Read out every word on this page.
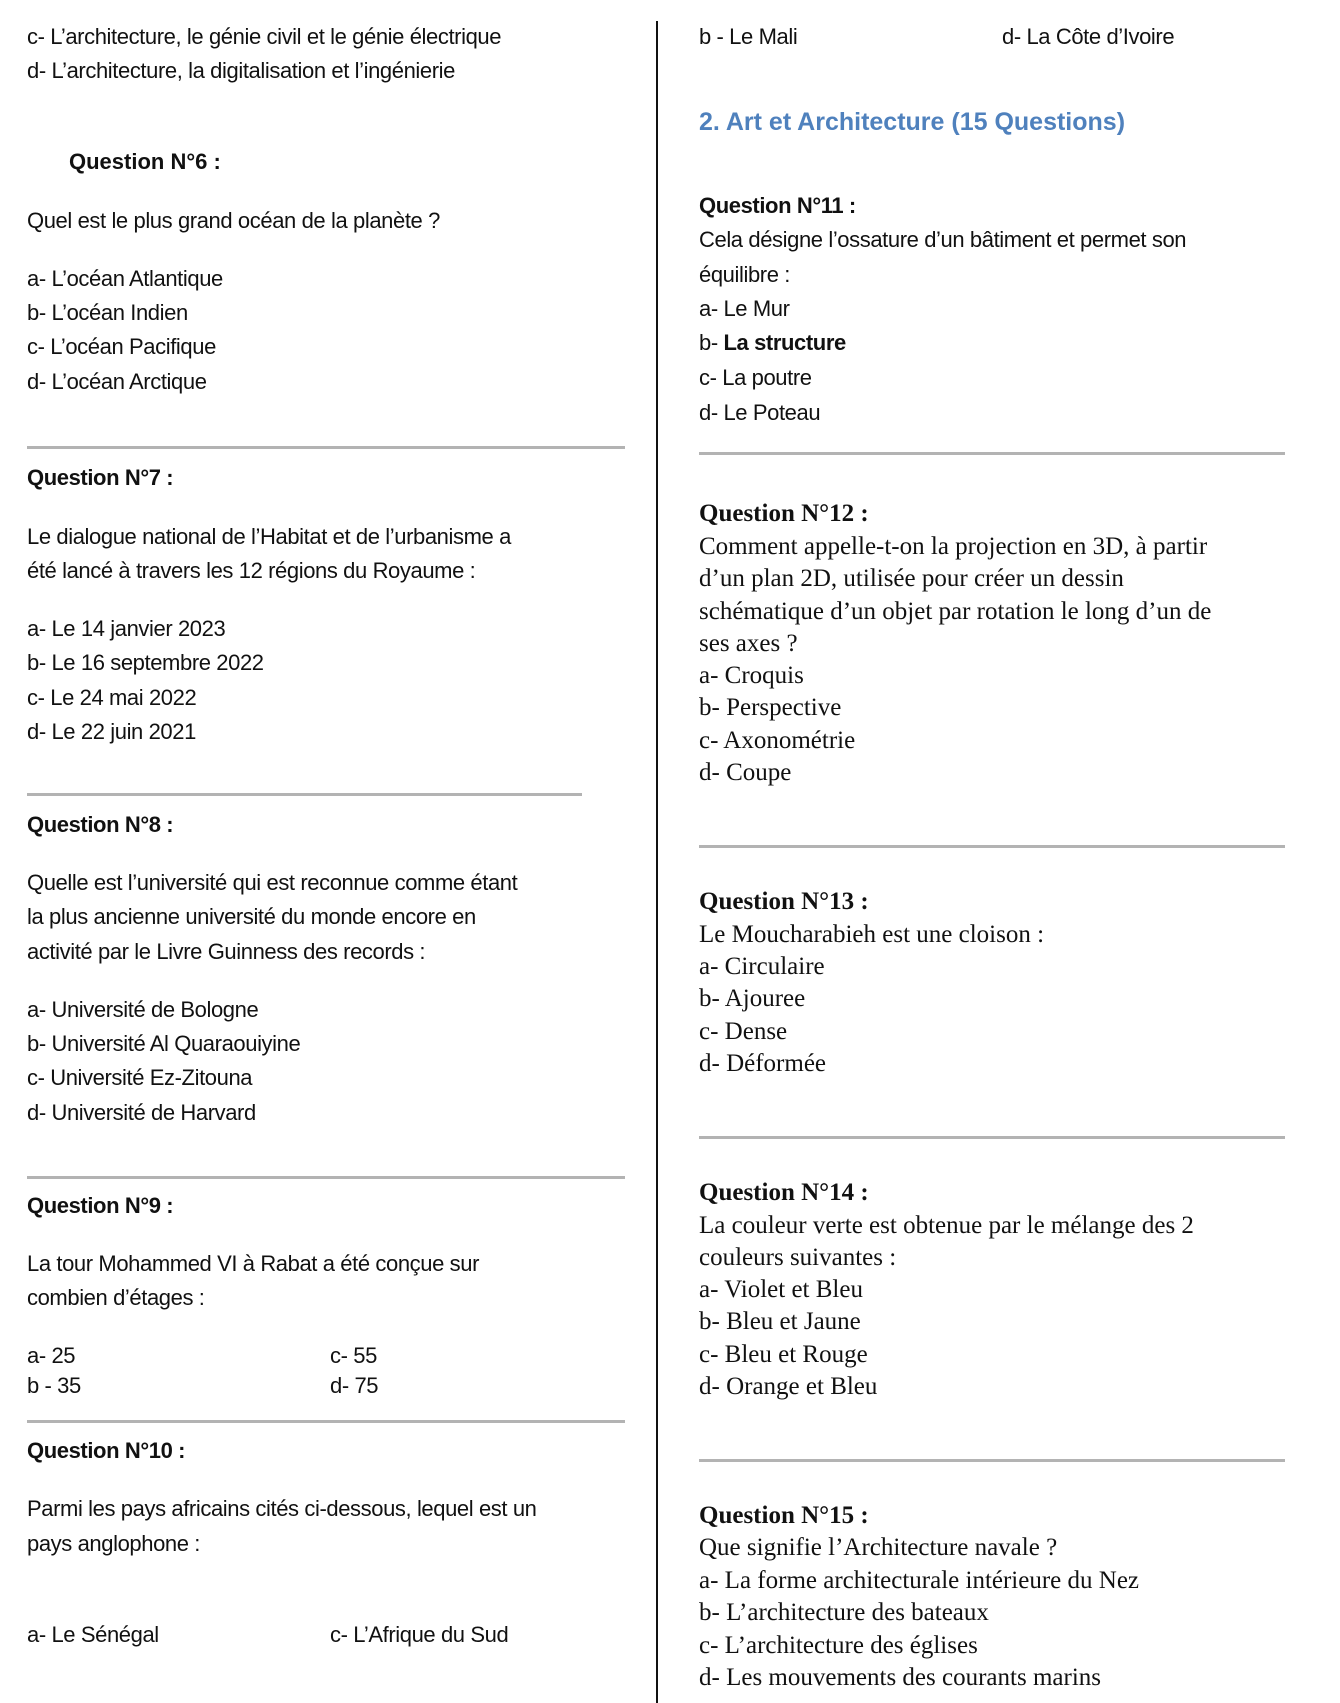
c- L’architecture, le génie civil et le génie électrique
d- L’architecture, la digitalisation et l’ingénierie
Question N°6 :
Quel est le plus grand océan de la planète ?
a- L’océan Atlantique
b- L’océan Indien
c- L’océan Pacifique
d- L’océan Arctique
Question N°7 :
Le dialogue national de l’Habitat et de l’urbanisme a
été lancé à travers les 12 régions du Royaume :
a- Le 14 janvier 2023
b- Le 16 septembre 2022
c- Le 24 mai 2022
d- Le 22 juin 2021
Question N°8 :
Quelle est l’université qui est reconnue comme étant
la plus ancienne université du monde encore en
activité par le Livre Guinness des records :
a- Université de Bologne
b- Université Al Quaraouiyine
c- Université Ez-Zitouna
d- Université de Harvard
Question N°9 :
La tour Mohammed VI à Rabat a été conçue sur
combien d’étages :
a- 25
b - 35
c- 55
d- 75
Question N°10 :
Parmi les pays africains cités ci-dessous, lequel est un
pays anglophone :
a- Le Sénégal	c- L’Afrique du Sud
b - Le Mali	d- La Côte d’Ivoire
2. Art et Architecture (15 Questions)
Question N°11 :
Cela désigne l’ossature d’un bâtiment et permet son
équilibre :
a- Le Mur
b- La structure
c- La poutre
d- Le Poteau
Question N°12 :
Comment appelle-t-on la projection en 3D, à partir
d’un plan 2D, utilisée pour créer un dessin
schématique d’un objet par rotation le long d’un de
ses axes ?
a- Croquis
b- Perspective
c- Axonométrie
d- Coupe
Question N°13 :
Le Moucharabieh est une cloison :
a- Circulaire
b- Ajouree
c- Dense
d- Déformée
Question N°14 :
La couleur verte est obtenue par le mélange des 2
couleurs suivantes :
a- Violet et Bleu
b- Bleu et Jaune
c- Bleu et Rouge
d- Orange et Bleu
Question N°15 :
Que signifie l’Architecture navale ?
a- La forme architecturale intérieure du Nez
b- L’architecture des bateaux
c- L’architecture des églises
d- Les mouvements des courants marins
